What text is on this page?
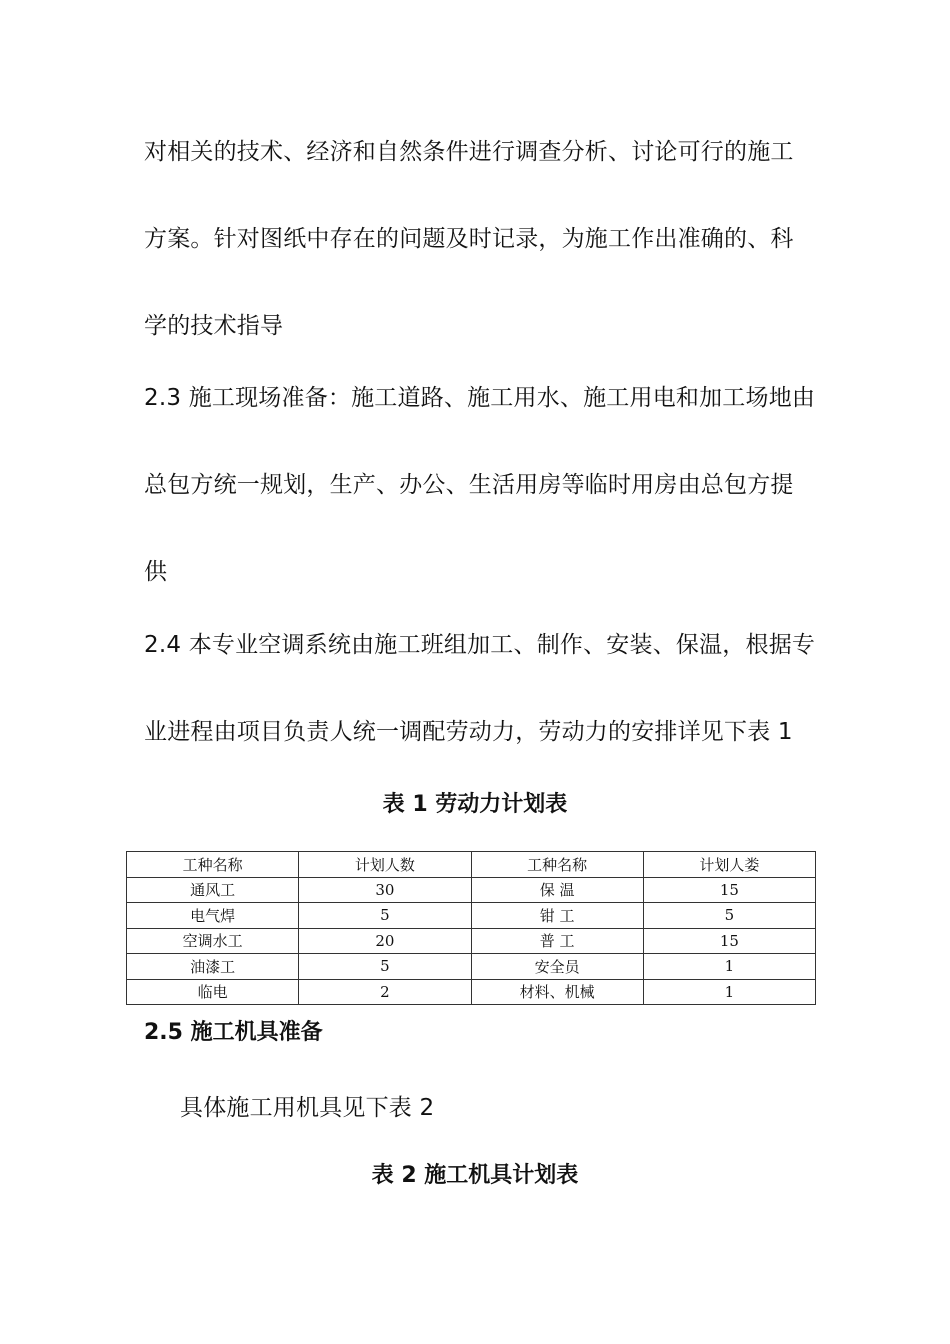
对相关的技术、经济和自然条件进行调查分析、讨论可行的施工
方案。针对图纸中存在的问题及时记录，为施工作出准确的、科
学的技术指导
2.3 施工现场准备：施工道路、施工用水、施工用电和加工场地由
总包方统一规划，生产、办公、生活用房等临时用房由总包方提
供
2.4 本专业空调系统由施工班组加工、制作、安装、保温，根据专
业进程由项目负责人统一调配劳动力，劳动力的安排详见下表 1
表 1 劳动力计划表
工种名称	计划人数	工种名称	计划人娄
通风工	30	保 温	15
电气焊	5	钳 工	5
空调水工	20	普 工	15
油漆工	5	安全员	1
临电	2	材料、机械	1
2.5 施工机具准备
具体施工用机具见下表 2
表 2 施工机具计划表
